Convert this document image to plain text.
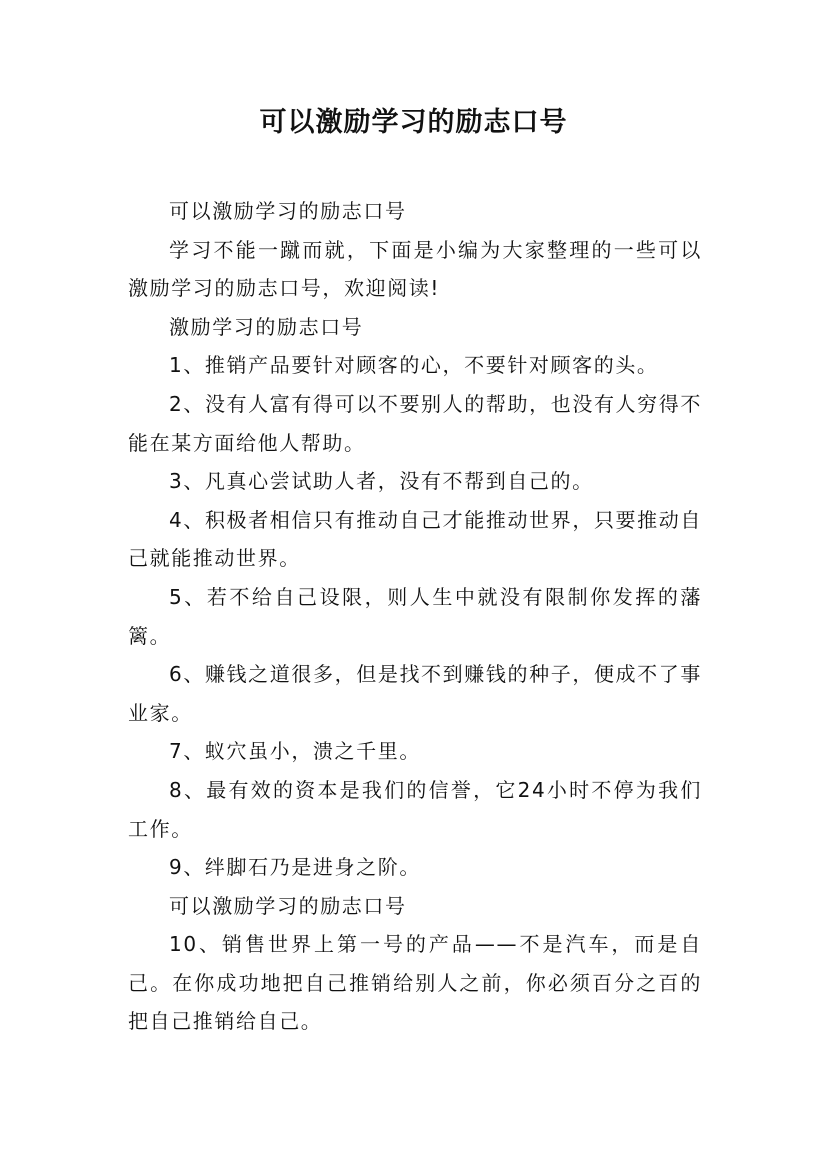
可以激励学习的励志口号

可以激励学习的励志口号

学习不能一蹴而就，下面是小编为大家整理的一些可以激励学习的励志口号，欢迎阅读!

激励学习的励志口号

1、推销产品要针对顾客的心，不要针对顾客的头。

2、没有人富有得可以不要别人的帮助，也没有人穷得不能在某方面给他人帮助。

3、凡真心尝试助人者，没有不帮到自己的。

4、积极者相信只有推动自己才能推动世界，只要推动自己就能推动世界。

5、若不给自己设限，则人生中就没有限制你发挥的藩篱。

6、赚钱之道很多，但是找不到赚钱的种子，便成不了事业家。

7、蚁穴虽小，溃之千里。

8、最有效的资本是我们的信誉，它24小时不停为我们工作。

9、绊脚石乃是进身之阶。

可以激励学习的励志口号

10、销售世界上第一号的产品——不是汽车，而是自己。在你成功地把自己推销给别人之前，你必须百分之百的把自己推销给自己。
